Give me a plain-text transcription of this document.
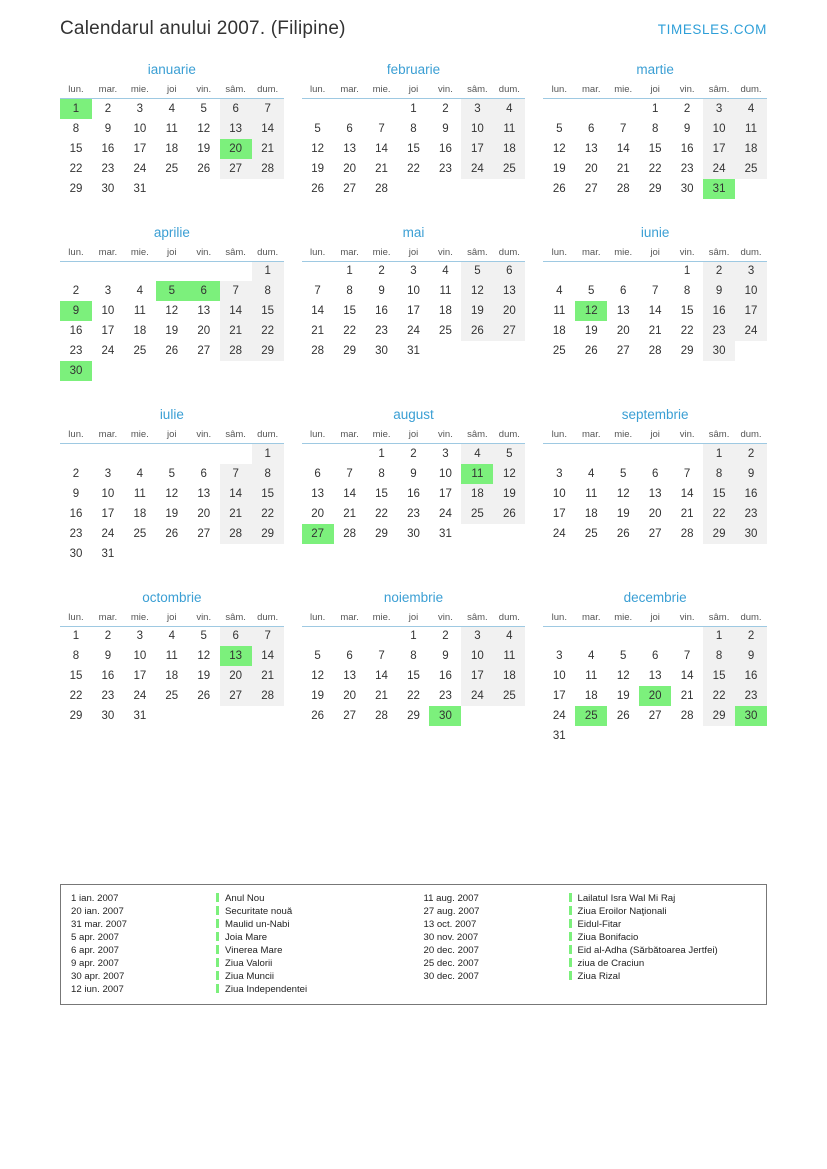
Calendarul anului 2007. (Filipine)	TIMESLES.COM
ianuarie
lun.	mar.	mie.	joi	vin.	sâm.	dum.
1	2	3	4	5	6	7
8	9	10	11	12	13	14
15	16	17	18	19	20	21
22	23	24	25	26	27	28
29	30	31				
februarie
lun.	mar.	mie.	joi	vin.	sâm.	dum.
			1	2	3	4
5	6	7	8	9	10	11
12	13	14	15	16	17	18
19	20	21	22	23	24	25
26	27	28				
martie
lun.	mar.	mie.	joi	vin.	sâm.	dum.
			1	2	3	4
5	6	7	8	9	10	11
12	13	14	15	16	17	18
19	20	21	22	23	24	25
26	27	28	29	30	31	
aprilie
lun.	mar.	mie.	joi	vin.	sâm.	dum.
						1
2	3	4	5	6	7	8
9	10	11	12	13	14	15
16	17	18	19	20	21	22
23	24	25	26	27	28	29
30						
mai
lun.	mar.	mie.	joi	vin.	sâm.	dum.
	1	2	3	4	5	6
7	8	9	10	11	12	13
14	15	16	17	18	19	20
21	22	23	24	25	26	27
28	29	30	31			
iunie
lun.	mar.	mie.	joi	vin.	sâm.	dum.
				1	2	3
4	5	6	7	8	9	10
11	12	13	14	15	16	17
18	19	20	21	22	23	24
25	26	27	28	29	30	
iulie
lun.	mar.	mie.	joi	vin.	sâm.	dum.
						1
2	3	4	5	6	7	8
9	10	11	12	13	14	15
16	17	18	19	20	21	22
23	24	25	26	27	28	29
30	31					
august
lun.	mar.	mie.	joi	vin.	sâm.	dum.
		1	2	3	4	5
6	7	8	9	10	11	12
13	14	15	16	17	18	19
20	21	22	23	24	25	26
27	28	29	30	31		
septembrie
lun.	mar.	mie.	joi	vin.	sâm.	dum.
					1	2
3	4	5	6	7	8	9
10	11	12	13	14	15	16
17	18	19	20	21	22	23
24	25	26	27	28	29	30
octombrie
lun.	mar.	mie.	joi	vin.	sâm.	dum.
1	2	3	4	5	6	7
8	9	10	11	12	13	14
15	16	17	18	19	20	21
22	23	24	25	26	27	28
29	30	31				
noiembrie
lun.	mar.	mie.	joi	vin.	sâm.	dum.
			1	2	3	4
5	6	7	8	9	10	11
12	13	14	15	16	17	18
19	20	21	22	23	24	25
26	27	28	29	30		
decembrie
lun.	mar.	mie.	joi	vin.	sâm.	dum.
					1	2
3	4	5	6	7	8	9
10	11	12	13	14	15	16
17	18	19	20	21	22	23
24	25	26	27	28	29	30
31						
1 ian. 2007	Anul Nou
20 ian. 2007	Securitate nouă
31 mar. 2007	Maulid un-Nabi
5 apr. 2007	Joia Mare
6 apr. 2007	Vinerea Mare
9 apr. 2007	Ziua Valorii
30 apr. 2007	Ziua Muncii
12 iun. 2007	Ziua Independentei
11 aug. 2007	Lailatul Isra Wal Mi Raj
27 aug. 2007	Ziua Eroilor Naţionali
13 oct. 2007	Eidul-Fitar
30 nov. 2007	Ziua Bonifacio
20 dec. 2007	Eid al-Adha (Sărbătoarea Jertfei)
25 dec. 2007	ziua de Craciun
30 dec. 2007	Ziua Rizal
